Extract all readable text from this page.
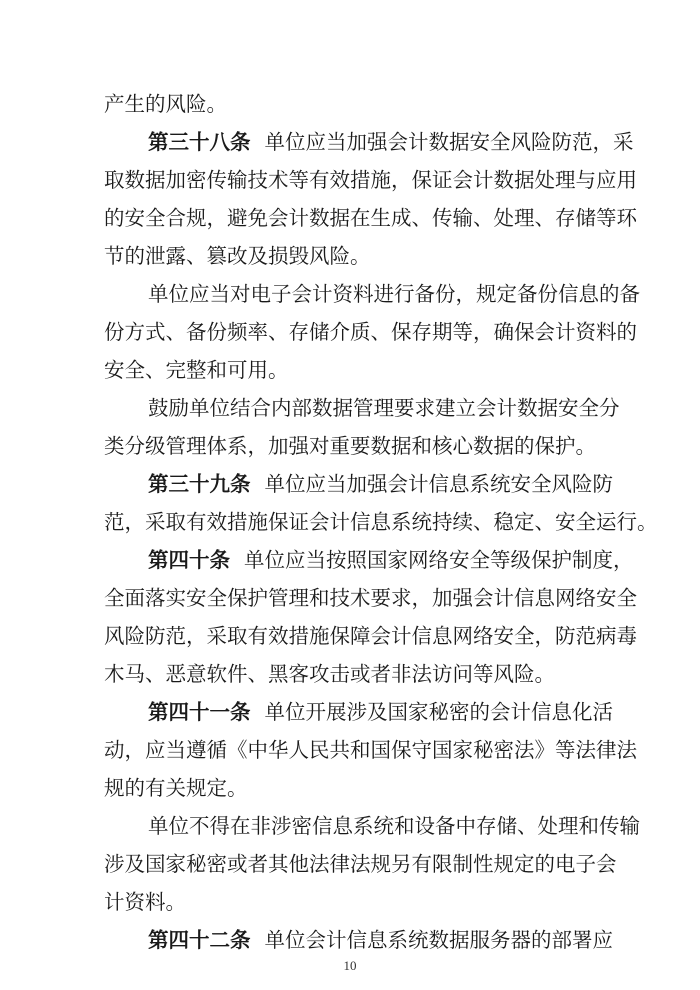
产生的风险。
第三十八条 单位应当加强会计数据安全风险防范，采
取数据加密传输技术等有效措施，保证会计数据处理与应用
的安全合规，避免会计数据在生成、传输、处理、存储等环
节的泄露、篡改及损毁风险。
单位应当对电子会计资料进行备份，规定备份信息的备
份方式、备份频率、存储介质、保存期等，确保会计资料的
安全、完整和可用。
鼓励单位结合内部数据管理要求建立会计数据安全分
类分级管理体系，加强对重要数据和核心数据的保护。
第三十九条 单位应当加强会计信息系统安全风险防
范，采取有效措施保证会计信息系统持续、稳定、安全运行。
第四十条 单位应当按照国家网络安全等级保护制度，
全面落实安全保护管理和技术要求，加强会计信息网络安全
风险防范，采取有效措施保障会计信息网络安全，防范病毒
木马、恶意软件、黑客攻击或者非法访问等风险。
第四十一条 单位开展涉及国家秘密的会计信息化活
动，应当遵循《中华人民共和国保守国家秘密法》等法律法
规的有关规定。
单位不得在非涉密信息系统和设备中存储、处理和传输
涉及国家秘密或者其他法律法规另有限制性规定的电子会
计资料。
第四十二条 单位会计信息系统数据服务器的部署应
10
